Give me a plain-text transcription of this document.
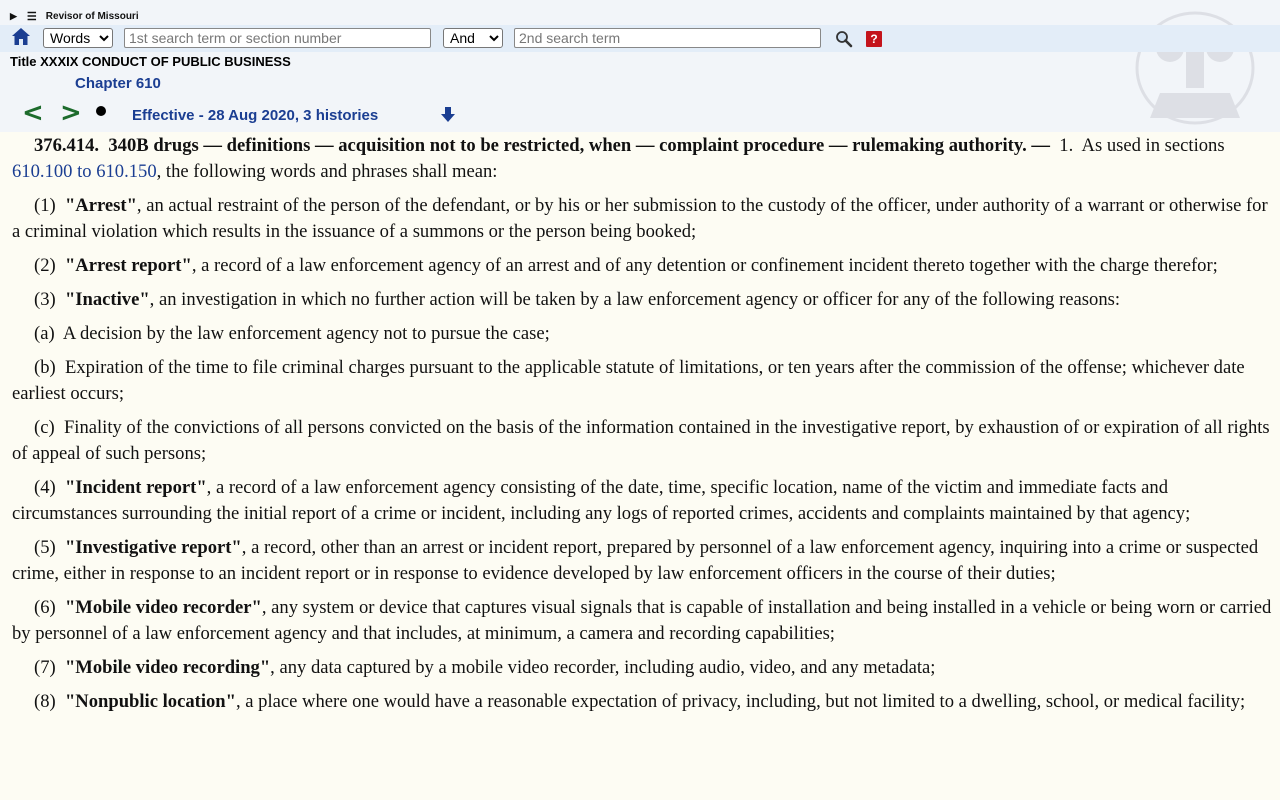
▶ ☰ Revisor of Missouri
Words
1st search term or section number
And
2nd search term
?
Title XXXIX CONDUCT OF PUBLIC BUSINESS
Chapter 610
< >	Effective - 28 Aug 2020, 3 histories

376.414. 340B drugs — definitions — acquisition not to be restricted, when — complaint procedure — rulemaking authority. — 1. As used in sections 610.100 to 610.150, the following words and phrases shall mean:

(1) "Arrest", an actual restraint of the person of the defendant, or by his or her submission to the custody of the officer, under authority of a warrant or otherwise for a criminal violation which results in the issuance of a summons or the person being booked;

(2) "Arrest report", a record of a law enforcement agency of an arrest and of any detention or confinement incident thereto together with the charge therefor;

(3) "Inactive", an investigation in which no further action will be taken by a law enforcement agency or officer for any of the following reasons:

(a) A decision by the law enforcement agency not to pursue the case;

(b) Expiration of the time to file criminal charges pursuant to the applicable statute of limitations, or ten years after the commission of the offense; whichever date earliest occurs;

(c) Finality of the convictions of all persons convicted on the basis of the information contained in the investigative report, by exhaustion of or expiration of all rights of appeal of such persons;

(4) "Incident report", a record of a law enforcement agency consisting of the date, time, specific location, name of the victim and immediate facts and circumstances surrounding the initial report of a crime or incident, including any logs of reported crimes, accidents and complaints maintained by that agency;

(5) "Investigative report", a record, other than an arrest or incident report, prepared by personnel of a law enforcement agency, inquiring into a crime or suspected crime, either in response to an incident report or in response to evidence developed by law enforcement officers in the course of their duties;

(6) "Mobile video recorder", any system or device that captures visual signals that is capable of installation and being installed in a vehicle or being worn or carried by personnel of a law enforcement agency and that includes, at minimum, a camera and recording capabilities;

(7) "Mobile video recording", any data captured by a mobile video recorder, including audio, video, and any metadata;

(8) "Nonpublic location", a place where one would have a reasonable expectation of privacy, including, but not limited to a dwelling, school, or medical facility;
